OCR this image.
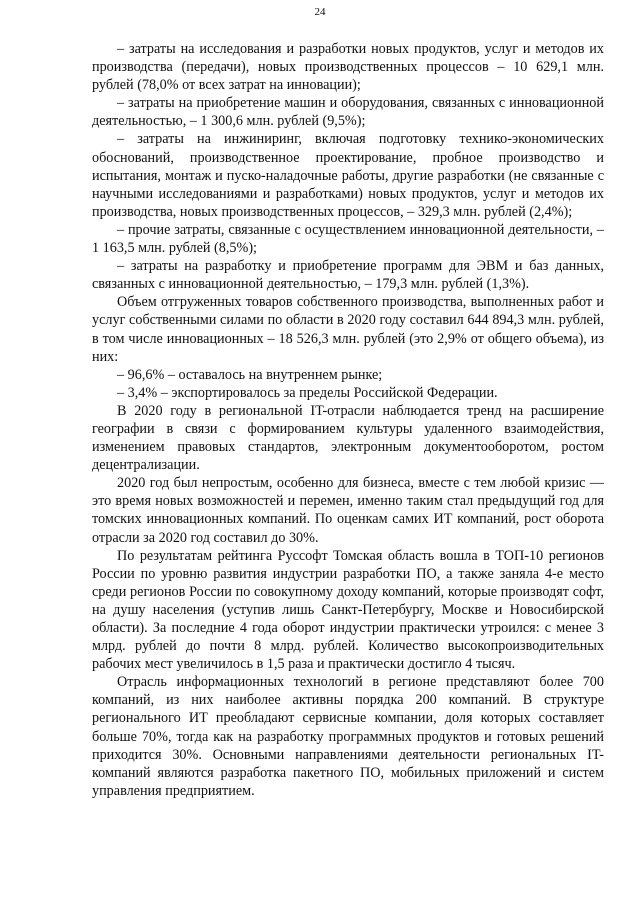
24

– затраты на исследования и разработки новых продуктов, услуг и методов их производства (передачи), новых производственных процессов – 10 629,1 млн. рублей (78,0% от всех затрат на инновации);

– затраты на приобретение машин и оборудования, связанных с инновационной деятельностью, – 1 300,6 млн. рублей (9,5%);

– затраты на инжиниринг, включая подготовку технико-экономических обоснований, производственное проектирование, пробное производство и испытания, монтаж и пуско-наладочные работы, другие разработки (не связанные с научными исследованиями и разработками) новых продуктов, услуг и методов их производства, новых производственных процессов, – 329,3 млн. рублей (2,4%);

– прочие затраты, связанные с осуществлением инновационной деятельности, – 1 163,5 млн. рублей (8,5%);

– затраты на разработку и приобретение программ для ЭВМ и баз данных, связанных с инновационной деятельностью, – 179,3 млн. рублей (1,3%).

Объем отгруженных товаров собственного производства, выполненных работ и услуг собственными силами по области в 2020 году составил 644 894,3 млн. рублей, в том числе инновационных – 18 526,3 млн. рублей (это 2,9% от общего объема), из них:

– 96,6% – оставалось на внутреннем рынке;

– 3,4% – экспортировалось за пределы Российской Федерации.

В 2020 году в региональной IT-отрасли наблюдается тренд на расширение географии в связи с формированием культуры удаленного взаимодействия, изменением правовых стандартов, электронным документооборотом, ростом децентрализации.

2020 год был непростым, особенно для бизнеса, вместе с тем любой кризис — это время новых возможностей и перемен, именно таким стал предыдущий год для томских инновационных компаний. По оценкам самих ИТ компаний, рост оборота отрасли за 2020 год составил до 30%.

По результатам рейтинга Руссофт Томская область вошла в ТОП-10 регионов России по уровню развития индустрии разработки ПО, а также заняла 4-е место среди регионов России по совокупному доходу компаний, которые производят софт, на душу населения (уступив лишь Санкт-Петербургу, Москве и Новосибирской области). За последние 4 года оборот индустрии практически утроился: с менее 3 млрд. рублей до почти 8 млрд. рублей. Количество высокопроизводительных рабочих мест увеличилось в 1,5 раза и практически достигло 4 тысяч.

Отрасль информационных технологий в регионе представляют более 700 компаний, из них наиболее активны порядка 200 компаний. В структуре регионального ИТ преобладают сервисные компании, доля которых составляет больше 70%, тогда как на разработку программных продуктов и готовых решений приходится 30%. Основными направлениями деятельности региональных IT-компаний являются разработка пакетного ПО, мобильных приложений и систем управления предприятием.
